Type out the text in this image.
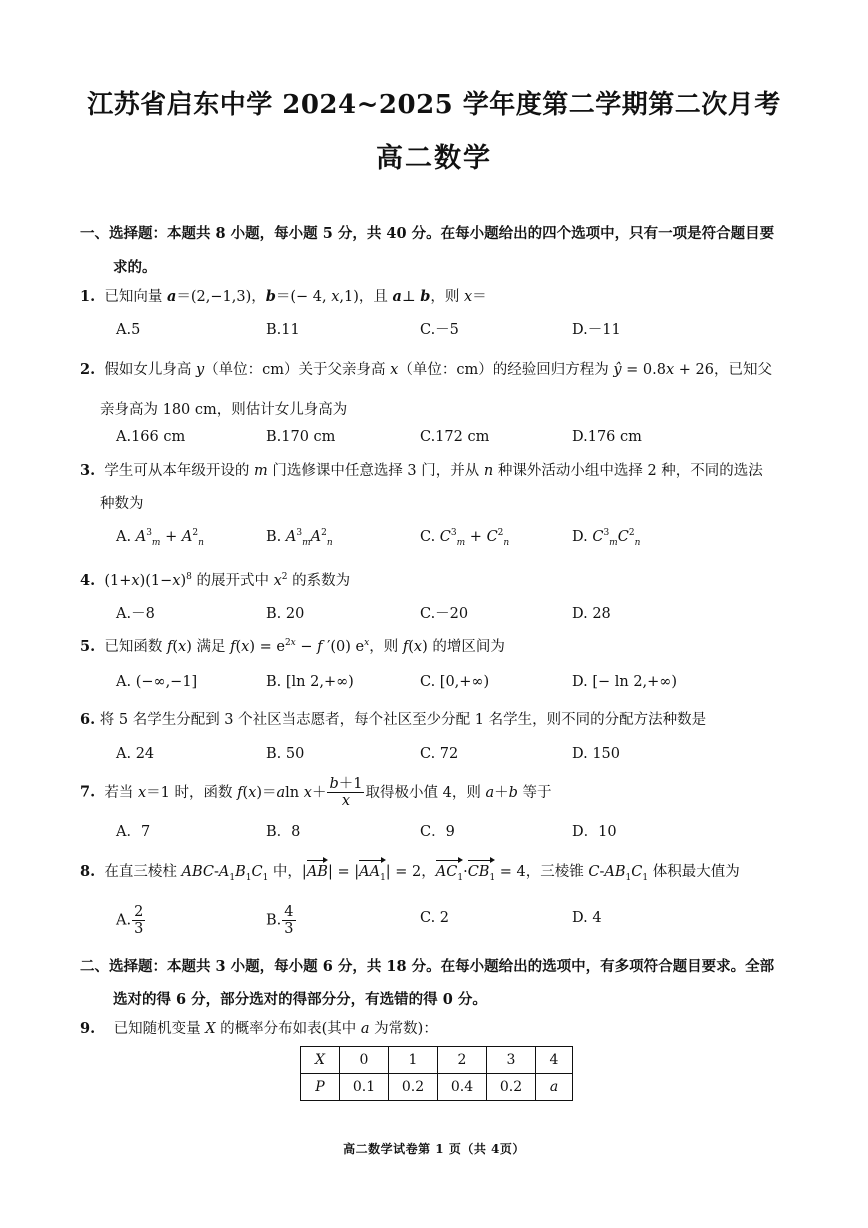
江苏省启东中学 2024~2025 学年度第二学期第二次月考
高二数学
一、选择题：本题共 8 小题，每小题 5 分，共 40 分。在每小题给出的四个选项中，只有一项是符合题目要
求的。
1.  已知向量 a＝(2,−1,3)，b＝(− 4, x,1)，且 a⊥ b，则 x＝
A.5	B.11	C.－5	D.－11
2.  假如女儿身高 y（单位：cm）关于父亲身高 x（单位：cm）的经验回归方程为 ŷ = 0.8x + 26，已知父
亲身高为 180 cm，则估计女儿身高为
A.166 cm	B.170 cm	C.172 cm	D.176 cm
3.  学生可从本年级开设的 m 门选修课中任意选择 3 门，并从 n 种课外活动小组中选择 2 种，不同的选法
种数为
A. $A^3_m + A^2_n$	B. $A^3_mA^2_n$	C. $C^3_m + C^2_n$	D. $C^3_mC^2_n$
4.  $(1+x)(1-x)^8$ 的展开式中 $x^2$ 的系数为
A.－8	B. 20	C.－20	D. 28
5.  已知函数 f(x) 满足 $f(x) = e^{2x} - f$ ′(0) $e^x$，则 f(x) 的增区间为
A. (−∞,−1]	B. [ln 2,+∞)	C. [0,+∞)	D. [− ln 2,+∞)
6. 将 5 名学生分配到 3 个社区当志愿者，每个社区至少分配 1 名学生，则不同的分配方法种数是
A. 24	B. 50	C. 72	D. 150
7.  若当 x＝1 时，函数 f(x)＝aln $x+ \frac{b+1}{x}$ 取得极小值 4，则 a＋b 等于
A．7	B．8	C．9	D．10
8.  在直三棱柱 ABC-$A_1B_1C_1$ 中，$|AB| = |AA_1| = 2$，$AC_1\cdot CB_1 = 4$，三棱锥 $C-AB_1C_1$ 体积最大值为
A. $\frac{2}{3}$	B. $\frac{4}{3}$	C. 2	D. 4
二、选择题：本题共 3 小题，每小题 6 分，共 18 分。在每小题给出的选项中，有多项符合题目要求。全部
选对的得 6 分，部分选对的得部分分，有选错的得 0 分。
9.    已知随机变量 X 的概率分布如表(其中 a 为常数)：
X	0	1	2	3	4
P	0.1	0.2	0.4	0.2	a
高二数学试卷第 1 页（共 4页）
